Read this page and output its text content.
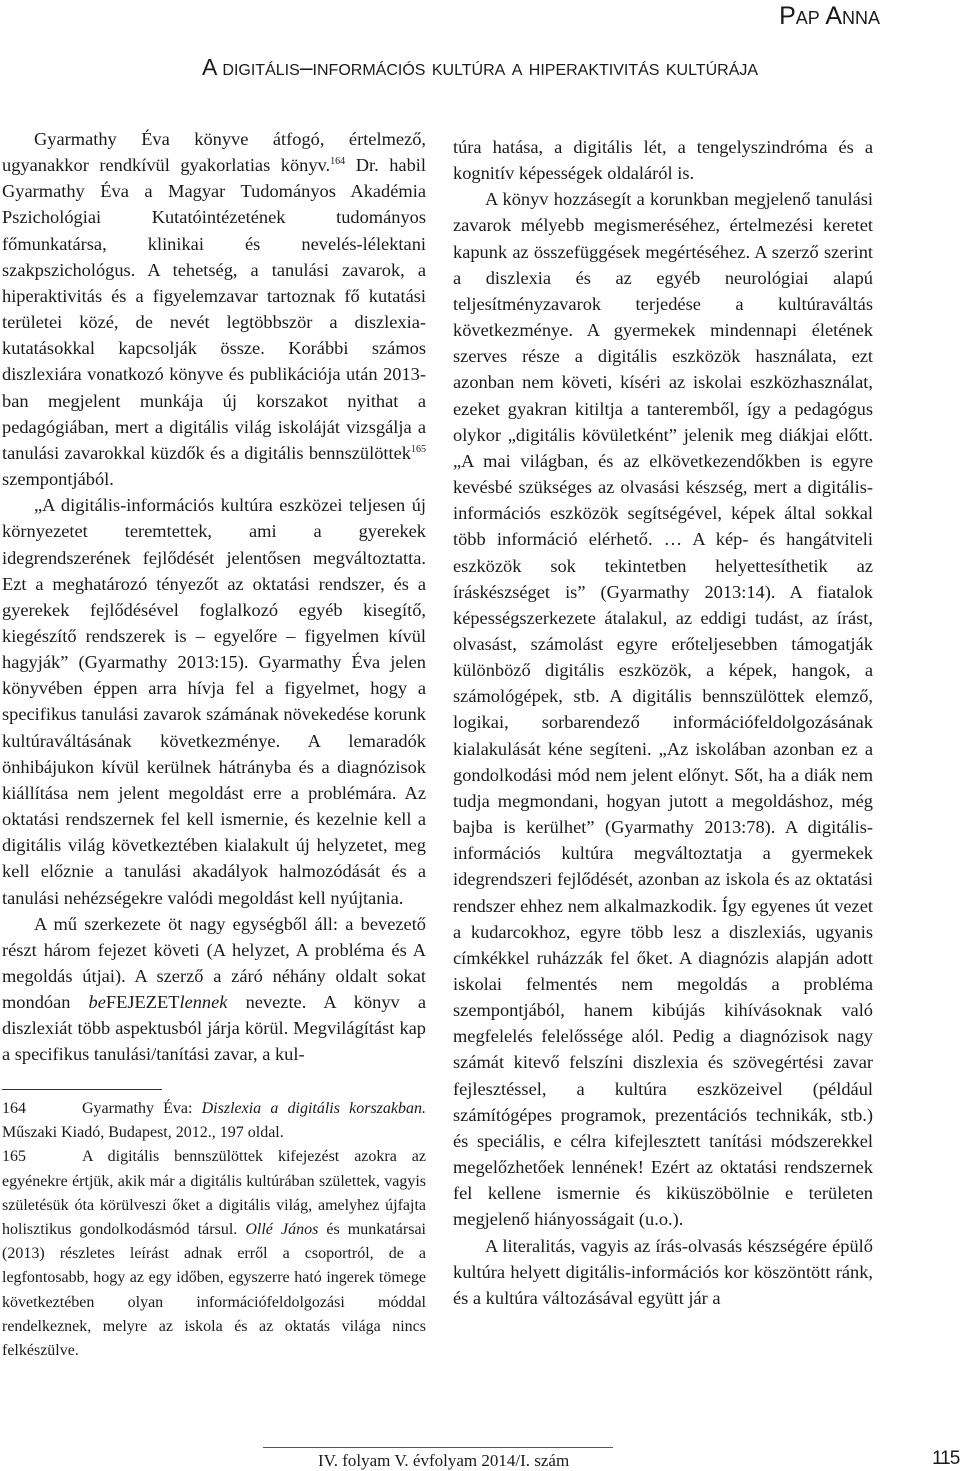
Pap Anna
A digitális–információs kultúra a hiperaktivitás kultúrája

Gyarmathy Éva könyve átfogó, értelmező, ugyanakkor rendkívül gyakorlatias könyv.$^{164}$ Dr. habil Gyarmathy Éva a Magyar Tudományos Akadémia Pszichológiai Kutatóintézetének tudományos főmunkatársa, klinikai és nevelés-lélektani szakpszichológus. A tehetség, a tanulási zavarok, a hiperaktivitás és a figyelemzavar tartoznak fő kutatási területei közé, de nevét legtöbbször a diszlexia-kutatásokkal kapcsolják össze. Korábbi számos diszlexiára vonatkozó könyve és publikációja után 2013-ban megjelent munkája új korszakot nyithat a pedagógiában, mert a digitális világ iskoláját vizsgálja a tanulási zavarokkal küzdők és a digitális bennszülöttek$^{165}$ szempontjából.

„A digitális-információs kultúra eszközei teljesen új környezetet teremtettek, ami a gyerekek idegrendszerének fejlődését jelentősen megváltoztatta. Ezt a meghatározó tényezőt az oktatási rendszer, és a gyerekek fejlődésével foglalkozó egyéb kisegítő, kiegészítő rendszerek is – egyelőre – figyelmen kívül hagyják” (Gyarmathy 2013:15). Gyarmathy Éva jelen könyvében éppen arra hívja fel a figyelmet, hogy a specifikus tanulási zavarok számának növekedése korunk kultúraváltásának következménye. A lemaradók önhibájukon kívül kerülnek hátrányba és a diagnózisok kiállítása nem jelent megoldást erre a problémára. Az oktatási rendszernek fel kell ismernie, és kezelnie kell a digitális világ következtében kialakult új helyzetet, meg kell előznie a tanulási akadályok halmozódását és a tanulási nehézségekre valódi megoldást kell nyújtania.

A mű szerkezete öt nagy egységből áll: a bevezető részt három fejezet követi (A helyzet, A probléma és A megoldás útjai). A szerző a záró néhány oldalt sokat mondóan beFEJEZETlennek nevezte. A könyv a diszlexiát több aspektusból járja körül. Megvilágítást kap a specifikus tanulási/tanítási zavar, a kul-

164	Gyarmathy Éva: Diszlexia a digitális korszakban. Műszaki Kiadó, Budapest, 2012., 197 oldal.

165	A digitális bennszülöttek kifejezést azokra az egyénekre értjük, akik már a digitális kultúrában születtek, vagyis születésük óta körülveszi őket a digitális világ, amelyhez újfajta holisztikus gondolkodásmód társul. Ollé János és munkatársai (2013) részletes leírást adnak erről a csoportról, de a legfontosabb, hogy az egy időben, egyszerre ható ingerek tömege következtében olyan információfeldolgozási móddal rendelkeznek, melyre az iskola és az oktatás világa nincs felkészülve.

túra hatása, a digitális lét, a tengelyszindróma és a kognitív képességek oldaláról is.

A könyv hozzásegít a korunkban megjelenő tanulási zavarok mélyebb megismeréséhez, értelmezési keretet kapunk az összefüggések megértéséhez. A szerző szerint a diszlexia és az egyéb neurológiai alapú teljesítményzavarok terjedése a kultúraváltás következménye. A gyermekek mindennapi életének szerves része a digitális eszközök használata, ezt azonban nem követi, kíséri az iskolai eszközhasználat, ezeket gyakran kitiltja a tanteremből, így a pedagógus olykor „digitális kövületként” jelenik meg diákjai előtt. „A mai világban, és az elkövetkezendőkben is egyre kevésbé szükséges az olvasási készség, mert a digitális-információs eszközök segítségével, képek által sokkal több információ elérhető. … A kép- és hangátviteli eszközök sok tekintetben helyettesíthetik az íráskészséget is” (Gyarmathy 2013:14). A fiatalok képességszerkezete átalakul, az eddigi tudást, az írást, olvasást, számolást egyre erőteljesebben támogatják különböző digitális eszközök, a képek, hangok, a számológépek, stb. A digitális bennszülöttek elemző, logikai, sorbarendező információfeldolgozásának kialakulását kéne segíteni. „Az iskolában azonban ez a gondolkodási mód nem jelent előnyt. Sőt, ha a diák nem tudja megmondani, hogyan jutott a megoldáshoz, még bajba is kerülhet” (Gyarmathy 2013:78). A digitális-információs kultúra megváltoztatja a gyermekek idegrendszeri fejlődését, azonban az iskola és az oktatási rendszer ehhez nem alkalmazkodik. Így egyenes út vezet a kudarcokhoz, egyre több lesz a diszlexiás, ugyanis címkékkel ruházzák fel őket. A diagnózis alapján adott iskolai felmentés nem megoldás a probléma szempontjából, hanem kibújás kihívásoknak való megfelelés felelőssége alól. Pedig a diagnózisok nagy számát kitevő felszíni diszlexia és szövegértési zavar fejlesztéssel, a kultúra eszközeivel (például számítógépes programok, prezentációs technikák, stb.) és speciális, e célra kifejlesztett tanítási módszerekkel megelőzhetőek lennének! Ezért az oktatási rendszernek fel kellene ismernie és kiküszöbölnie e területen megjelenő hiányosságait (u.o.).

A literalitás, vagyis az írás-olvasás készségére épülő kultúra helyett digitális-információs kor köszöntött ránk, és a kultúra változásával együtt jár a

IV. folyam V. évfolyam 2014/I. szám	115
